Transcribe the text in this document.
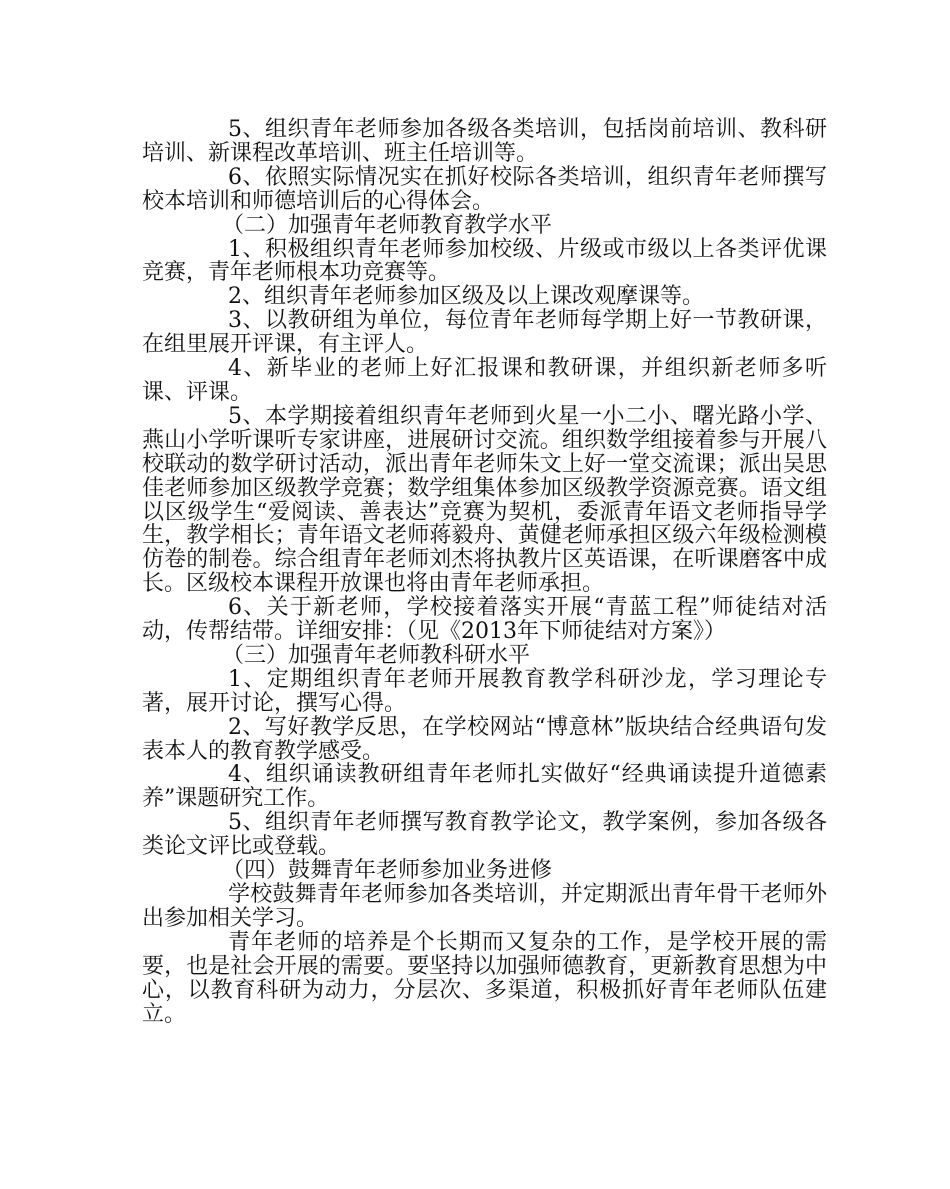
5、组织青年老师参加各级各类培训，包括岗前培训、教科研培训、新课程改革培训、班主任培训等。

6、依照实际情况实在抓好校际各类培训，组织青年老师撰写校本培训和师德培训后的心得体会。

（二）加强青年老师教育教学水平

1、积极组织青年老师参加校级、片级或市级以上各类评优课竞赛，青年老师根本功竞赛等。

2、组织青年老师参加区级及以上课改观摩课等。

3、以教研组为单位，每位青年老师每学期上好一节教研课，在组里展开评课，有主评人。

4、新毕业的老师上好汇报课和教研课，并组织新老师多听课、评课。

5、本学期接着组织青年老师到火星一小二小、曙光路小学、燕山小学听课听专家讲座，进展研讨交流。组织数学组接着参与开展八校联动的数学研讨活动，派出青年老师朱文上好一堂交流课；派出吴思佳老师参加区级教学竞赛；数学组集体参加区级教学资源竞赛。语文组以区级学生“爱阅读、善表达”竞赛为契机，委派青年语文老师指导学生，教学相长；青年语文老师蒋毅舟、黄健老师承担区级六年级检测模仿卷的制卷。综合组青年老师刘杰将执教片区英语课，在听课磨客中成长。区级校本课程开放课也将由青年老师承担。

6、关于新老师，学校接着落实开展“青蓝工程”师徒结对活动，传帮结带。详细安排：（见《2013年下师徒结对方案》）

（三）加强青年老师教科研水平

1、定期组织青年老师开展教育教学科研沙龙，学习理论专著，展开讨论，撰写心得。

2、写好教学反思，在学校网站“博意林”版块结合经典语句发表本人的教育教学感受。

4、组织诵读教研组青年老师扎实做好“经典诵读提升道德素养”课题研究工作。

5、组织青年老师撰写教育教学论文，教学案例，参加各级各类论文评比或登载。

（四）鼓舞青年老师参加业务进修

学校鼓舞青年老师参加各类培训，并定期派出青年骨干老师外出参加相关学习。

青年老师的培养是个长期而又复杂的工作，是学校开展的需要，也是社会开展的需要。要坚持以加强师德教育，更新教育思想为中心，以教育科研为动力，分层次、多渠道，积极抓好青年老师队伍建立。
